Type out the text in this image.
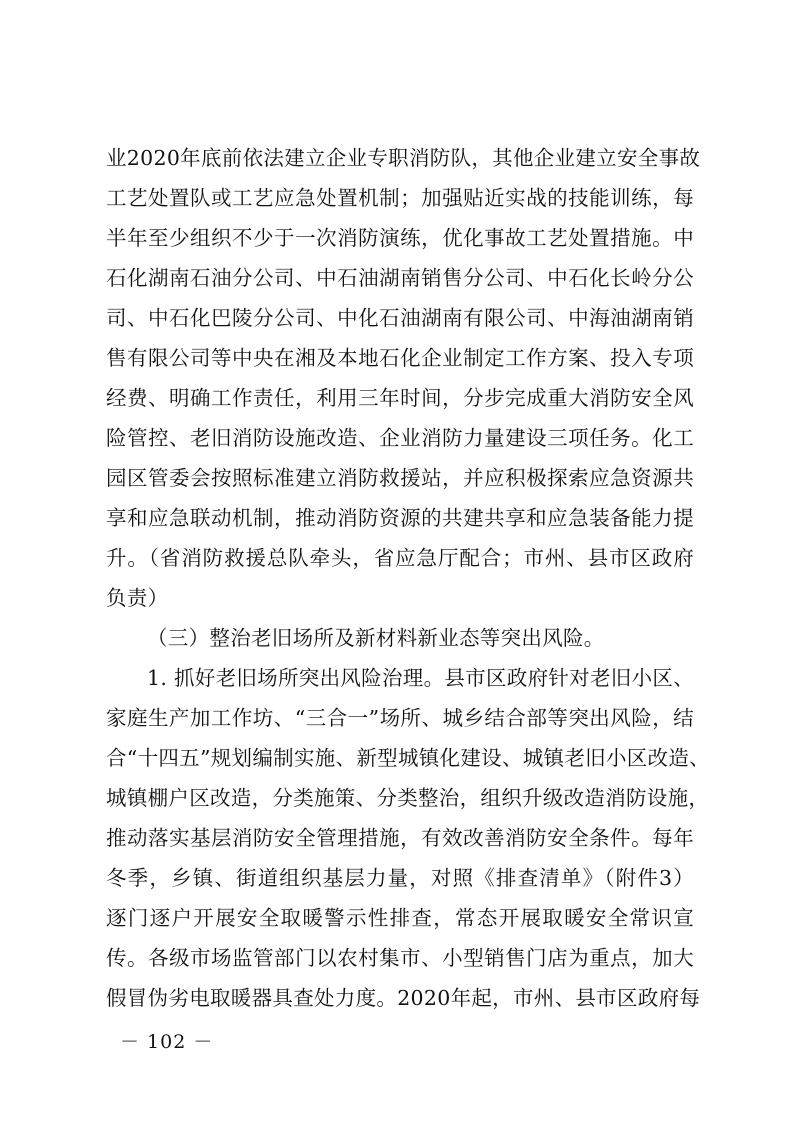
业2020年底前依法建立企业专职消防队，其他企业建立安全事故
工艺处置队或工艺应急处置机制；加强贴近实战的技能训练，每
半年至少组织不少于一次消防演练，优化事故工艺处置措施。中
石化湖南石油分公司、中石油湖南销售分公司、中石化长岭分公
司、中石化巴陵分公司、中化石油湖南有限公司、中海油湖南销
售有限公司等中央在湘及本地石化企业制定工作方案、投入专项
经费、明确工作责任，利用三年时间，分步完成重大消防安全风
险管控、老旧消防设施改造、企业消防力量建设三项任务。化工
园区管委会按照标准建立消防救援站，并应积极探索应急资源共
享和应急联动机制，推动消防资源的共建共享和应急装备能力提
升。（省消防救援总队牵头，省应急厅配合；市州、县市区政府
负责）
（三）整治老旧场所及新材料新业态等突出风险。
1. 抓好老旧场所突出风险治理。县市区政府针对老旧小区、
家庭生产加工作坊、“三合一”场所、城乡结合部等突出风险，结
合“十四五”规划编制实施、新型城镇化建设、城镇老旧小区改造、
城镇棚户区改造，分类施策、分类整治，组织升级改造消防设施，
推动落实基层消防安全管理措施，有效改善消防安全条件。每年
冬季，乡镇、街道组织基层力量，对照《排查清单》（附件3）
逐门逐户开展安全取暖警示性排查，常态开展取暖安全常识宣
传。各级市场监管部门以农村集市、小型销售门店为重点，加大
假冒伪劣电取暖器具查处力度。2020年起，市州、县市区政府每
－ 102 －
